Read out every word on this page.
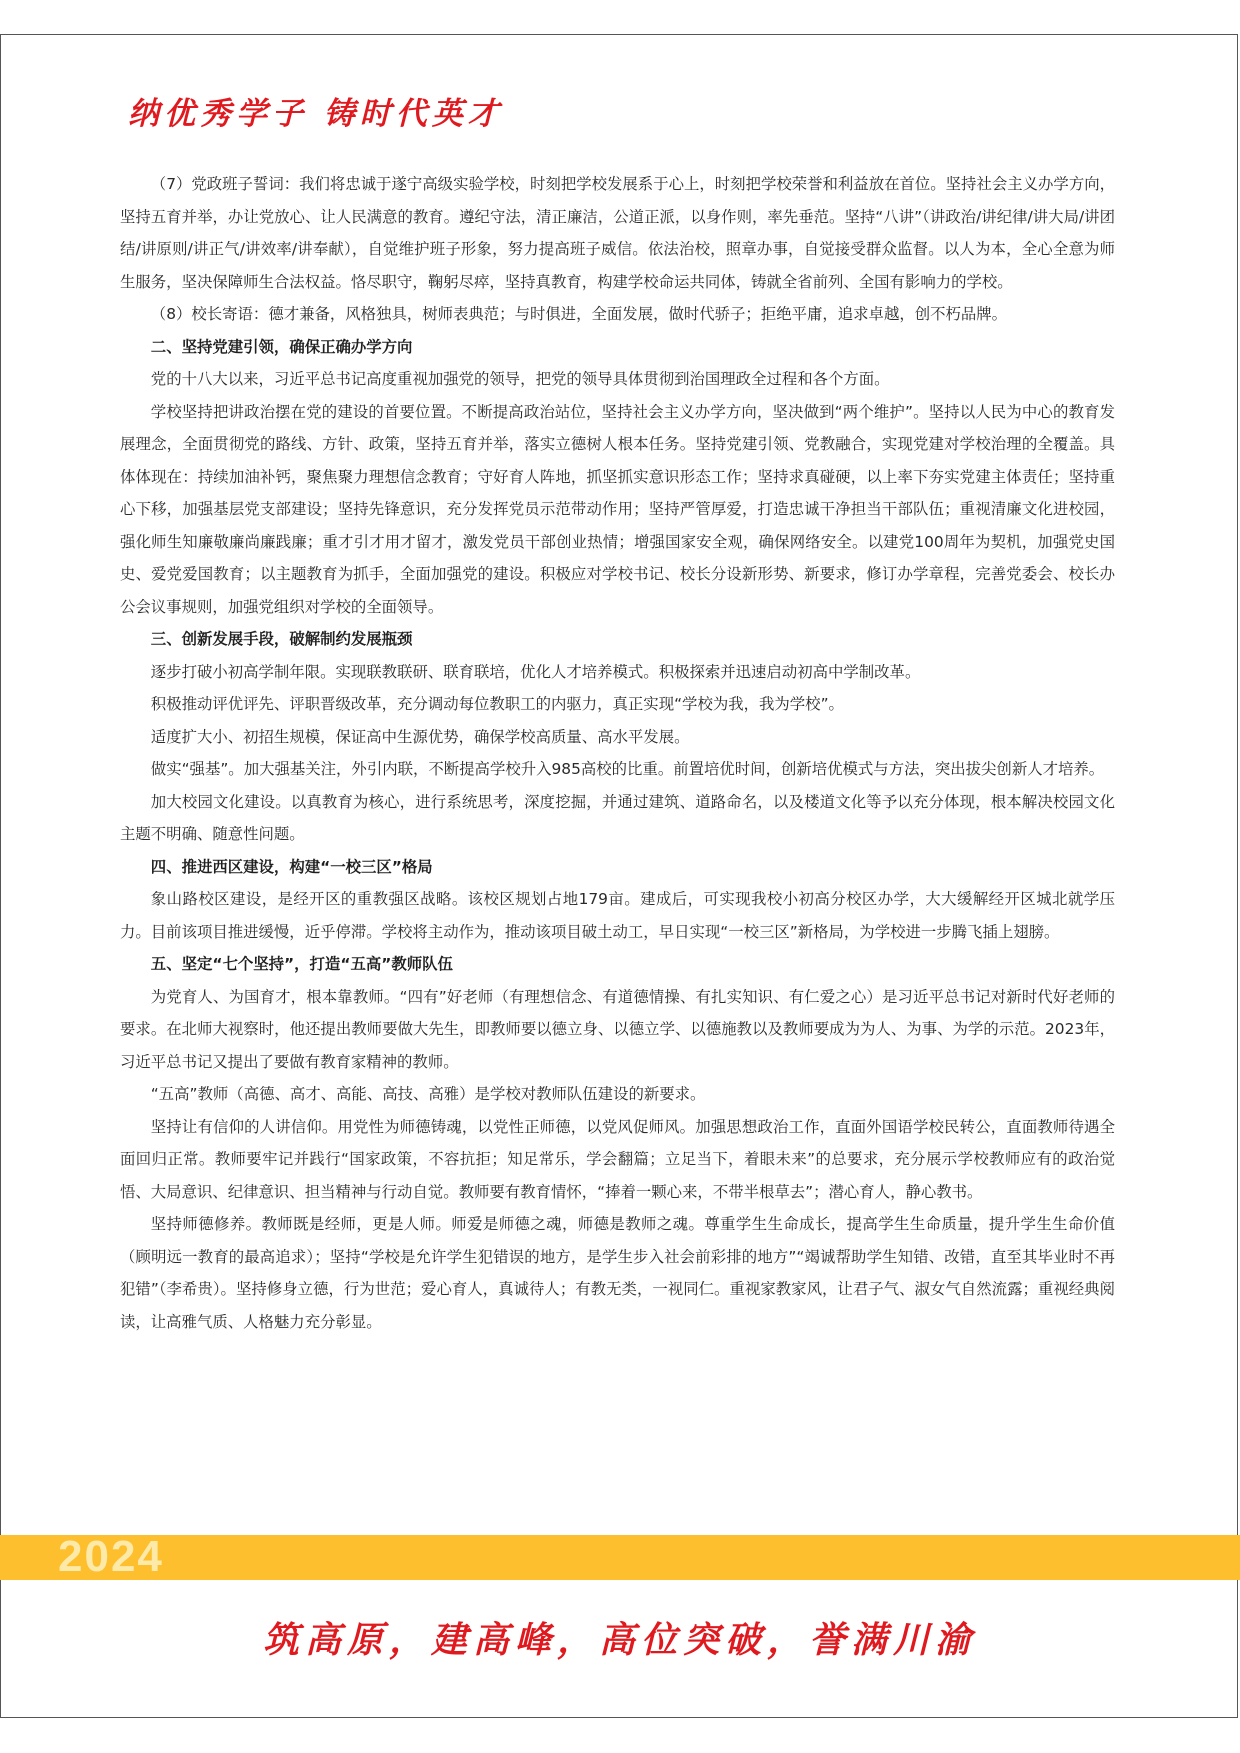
纳优秀学子 铸时代英才

（7）党政班子誓词：我们将忠诚于遂宁高级实验学校，时刻把学校发展系于心上，时刻把学校荣誉和利益放在首位。坚持社会主义办学方向，坚持五育并举，办让党放心、让人民满意的教育。遵纪守法，清正廉洁，公道正派，以身作则，率先垂范。坚持“八讲”（讲政治/讲纪律/讲大局/讲团结/讲原则/讲正气/讲效率/讲奉献），自觉维护班子形象，努力提高班子威信。依法治校，照章办事，自觉接受群众监督。以人为本，全心全意为师生服务，坚决保障师生合法权益。恪尽职守，鞠躬尽瘁，坚持真教育，构建学校命运共同体，铸就全省前列、全国有影响力的学校。

（8）校长寄语：德才兼备，风格独具，树师表典范；与时俱进，全面发展，做时代骄子；拒绝平庸，追求卓越，创不朽品牌。

二、坚持党建引领，确保正确办学方向

党的十八大以来，习近平总书记高度重视加强党的领导，把党的领导具体贯彻到治国理政全过程和各个方面。

学校坚持把讲政治摆在党的建设的首要位置。不断提高政治站位，坚持社会主义办学方向，坚决做到“两个维护”。坚持以人民为中心的教育发展理念，全面贯彻党的路线、方针、政策，坚持五育并举，落实立德树人根本任务。坚持党建引领、党教融合，实现党建对学校治理的全覆盖。具体体现在：持续加油补钙，聚焦聚力理想信念教育；守好育人阵地，抓坚抓实意识形态工作；坚持求真碰硬，以上率下夯实党建主体责任；坚持重心下移，加强基层党支部建设；坚持先锋意识，充分发挥党员示范带动作用；坚持严管厚爱，打造忠诚干净担当干部队伍；重视清廉文化进校园，强化师生知廉敬廉尚廉践廉；重才引才用才留才，激发党员干部创业热情；增强国家安全观，确保网络安全。以建党100周年为契机，加强党史国史、爱党爱国教育；以主题教育为抓手，全面加强党的建设。积极应对学校书记、校长分设新形势、新要求，修订办学章程，完善党委会、校长办公会议事规则，加强党组织对学校的全面领导。

三、创新发展手段，破解制约发展瓶颈

逐步打破小初高学制年限。实现联教联研、联育联培，优化人才培养模式。积极探索并迅速启动初高中学制改革。

积极推动评优评先、评职晋级改革，充分调动每位教职工的内驱力，真正实现“学校为我，我为学校”。

适度扩大小、初招生规模，保证高中生源优势，确保学校高质量、高水平发展。

做实“强基”。加大强基关注，外引内联，不断提高学校升入985高校的比重。前置培优时间，创新培优模式与方法，突出拔尖创新人才培养。

加大校园文化建设。以真教育为核心，进行系统思考，深度挖掘，并通过建筑、道路命名，以及楼道文化等予以充分体现，根本解决校园文化主题不明确、随意性问题。

四、推进西区建设，构建“一校三区”格局

象山路校区建设，是经开区的重教强区战略。该校区规划占地179亩。建成后，可实现我校小初高分校区办学，大大缓解经开区城北就学压力。目前该项目推进缓慢，近乎停滞。学校将主动作为，推动该项目破土动工，早日实现“一校三区”新格局，为学校进一步腾飞插上翅膀。

五、坚定“七个坚持”，打造“五高”教师队伍

为党育人、为国育才，根本靠教师。“四有”好老师（有理想信念、有道德情操、有扎实知识、有仁爱之心）是习近平总书记对新时代好老师的要求。在北师大视察时，他还提出教师要做大先生，即教师要以德立身、以德立学、以德施教以及教师要成为为人、为事、为学的示范。2023年，习近平总书记又提出了要做有教育家精神的教师。

“五高”教师（高德、高才、高能、高技、高雅）是学校对教师队伍建设的新要求。

坚持让有信仰的人讲信仰。用党性为师德铸魂，以党性正师德，以党风促师风。加强思想政治工作，直面外国语学校民转公，直面教师待遇全面回归正常。教师要牢记并践行“国家政策，不容抗拒；知足常乐，学会翻篇；立足当下，着眼未来”的总要求，充分展示学校教师应有的政治觉悟、大局意识、纪律意识、担当精神与行动自觉。教师要有教育情怀，“捧着一颗心来，不带半根草去”；潜心育人，静心教书。

坚持师德修养。教师既是经师，更是人师。师爱是师德之魂，师德是教师之魂。尊重学生生命成长，提高学生生命质量，提升学生生命价值（顾明远一教育的最高追求）；坚持“学校是允许学生犯错误的地方，是学生步入社会前彩排的地方”“竭诚帮助学生知错、改错，直至其毕业时不再犯错”（李希贵）。坚持修身立德，行为世范；爱心育人，真诚待人；有教无类，一视同仁。重视家教家风，让君子气、淑女气自然流露；重视经典阅读，让高雅气质、人格魅力充分彰显。

2024
筑高原，建高峰，高位突破，誉满川渝
